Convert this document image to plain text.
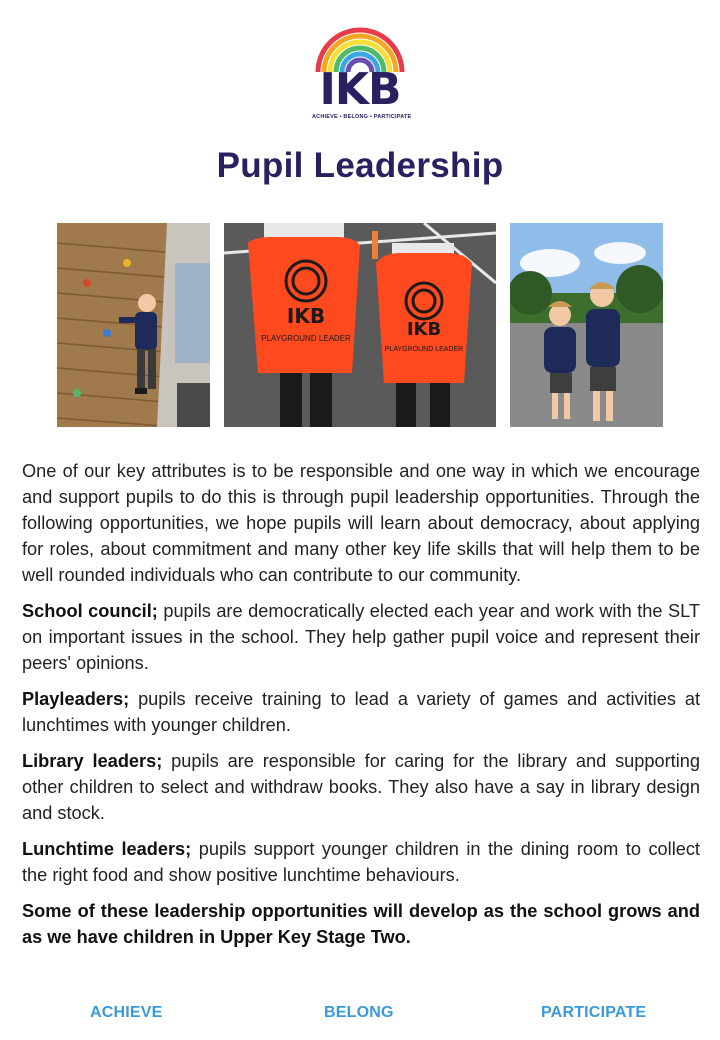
IKB
ACHIEVE • BELONG • PARTICIPATE
Pupil Leadership
IKB
PLAYGROUND LEADER	IKB
PLAYGROUND LEADER

One of our key attributes is to be responsible and one way in which we encourage and support pupils to do this is through pupil leadership opportunities. Through the following opportunities, we hope pupils will learn about democracy, about applying for roles, about commitment and many other key life skills that will help them to be well rounded individuals who can contribute to our community.

School council; pupils are democratically elected each year and work with the SLT on important issues in the school. They help gather pupil voice and represent their peers' opinions.

Playleaders; pupils receive training to lead a variety of games and activities at lunchtimes with younger children.

Library leaders; pupils are responsible for caring for the library and supporting other children to select and withdraw books. They also have a say in library design and stock.

Lunchtime leaders; pupils support younger children in the dining room to collect the right food and show positive lunchtime behaviours.

Some of these leadership opportunities will develop as the school grows and as we have children in Upper Key Stage Two.

ACHIEVE	BELONG	PARTICIPATE
